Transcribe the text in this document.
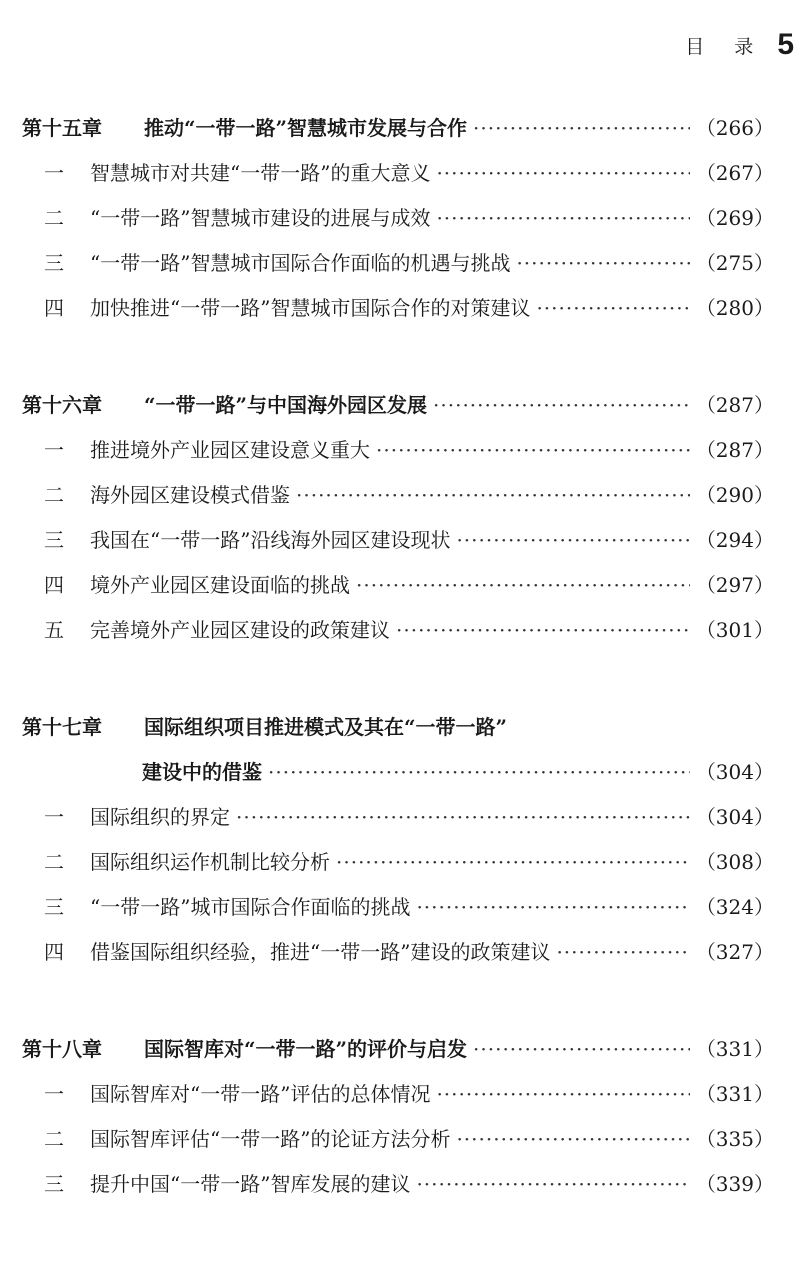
目录
5
第十五章	推动“一带一路”智慧城市发展与合作 ·····	（266）
一	智慧城市对共建“一带一路”的重大意义 ·····	（267）
二	“一带一路”智慧城市建设的进展与成效 ·····	（269）
三	“一带一路”智慧城市国际合作面临的机遇与挑战 ·····	（275）
四	加快推进“一带一路”智慧城市国际合作的对策建议 ·····	（280）
第十六章	“一带一路”与中国海外园区发展 ·····	（287）
一	推进境外产业园区建设意义重大 ·····	（287）
二	海外园区建设模式借鉴 ·····	（290）
三	我国在“一带一路”沿线海外园区建设现状 ·····	（294）
四	境外产业园区建设面临的挑战 ·····	（297）
五	完善境外产业园区建设的政策建议 ·····	（301）
第十七章	国际组织项目推进模式及其在“一带一路”
建设中的借鉴 ·····	（304）
一	国际组织的界定 ·····	（304）
二	国际组织运作机制比较分析 ·····	（308）
三	“一带一路”城市国际合作面临的挑战 ·····	（324）
四	借鉴国际组织经验，推进“一带一路”建设的政策建议 ·····	（327）
第十八章	国际智库对“一带一路”的评价与启发 ·····	（331）
一	国际智库对“一带一路”评估的总体情况 ·····	（331）
二	国际智库评估“一带一路”的论证方法分析 ·····	（335）
三	提升中国“一带一路”智库发展的建议 ·····	（339）
